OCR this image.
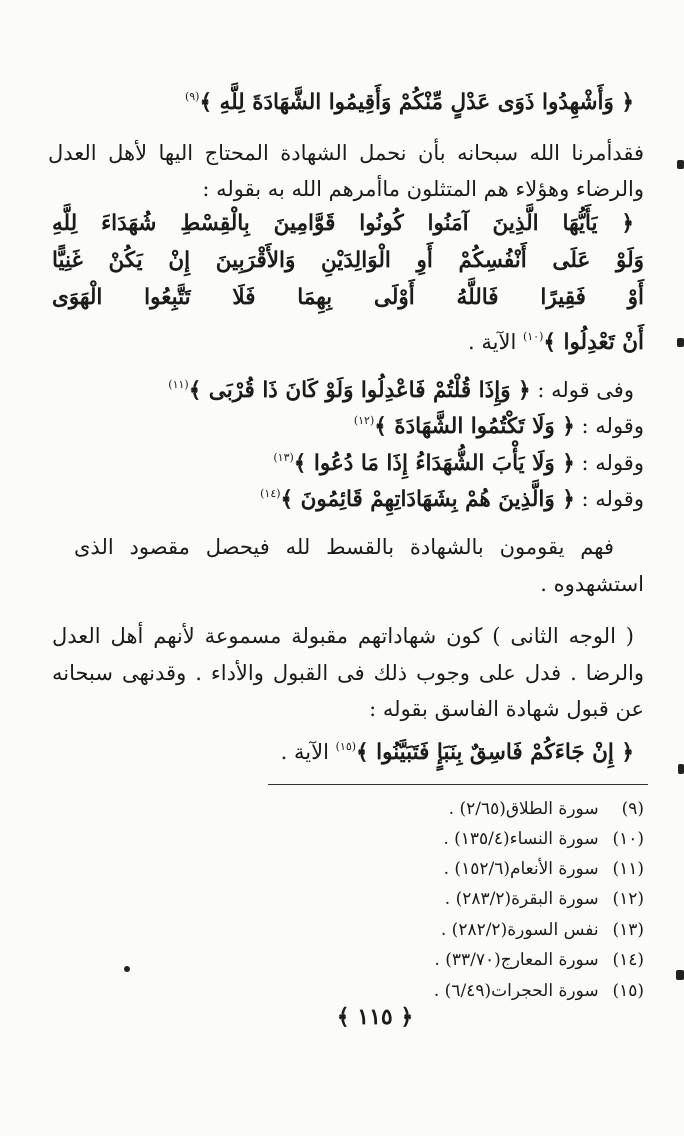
﴿ وَأَشْهِدُوا ذَوَى عَدْلٍ مِّنْكُمْ وَأَقِيمُوا الشَّهَادَةَ لِلَّهِ ﴾$^{(٩)}$
فقدأمرنا الله سبحانه بأن نحمل الشهادة المحتاج اليها لأهل العدل
والرضاء وهؤلاء هم المتثلون ماأمرهم الله به بقوله :
﴿ يَأَيُّهَا الَّذِينَ آمَنُوا كُونُوا قَوَّامِينَ بِالْقِسْطِ شُهَدَاءَ لِلَّهِ
وَلَوْ عَلَى أَنْفُسِكُمْ أَوِ الْوَالِدَيْنِ وَالأَقْرَبِينَ إِنْ يَكُنْ غَنِيًّا
أَوْ فَقِيرًا فَاللَّهُ أَوْلَى بِهِمَا فَلَا تَتَّبِعُوا الْهَوَى
أَنْ تَعْدِلُوا ﴾$^{(١٠)}$ الآية .
وفى قوله : ﴿ وَإِذَا قُلْتُمْ فَاعْدِلُوا وَلَوْ كَانَ ذَا قُرْبَى ﴾$^{(١١)}$
وقوله : ﴿ وَلَا تَكْتُمُوا الشَّهَادَةَ ﴾$^{(١٢)}$
وقوله : ﴿ وَلَا يَأْبَ الشُّهَدَاءُ إِذَا مَا دُعُوا ﴾$^{(١٣)}$
وقوله : ﴿ وَالَّذِينَ هُمْ بِشَهَادَاتِهِمْ قَائِمُونَ ﴾$^{(١٤)}$
فهم يقومون بالشهادة بالقسط لله فيحصل مقصود الذى
استشهدوه .
( الوجه الثانى ) كون شهاداتهم مقبولة مسموعة لأنهم أهل العدل
والرضا . فدل على وجوب ذلك فى القبول والأداء . وقدنهى سبحانه
عن قبول شهادة الفاسق بقوله :
﴿ إِنْ جَاءَكُمْ فَاسِقٌ بِنَبَإٍ فَتَبَيَّنُوا ﴾$^{(١٥)}$ الآية .
(٩) سورة الطلاق(٢/٦٥) .
(١٠) سورة النساء(١٣٥/٤) .
(١١) سورة الأنعام(١٥٢/٦) .
(١٢) سورة البقرة(٢٨٣/٢) .
(١٣) نفس السورة(٢٨٢/٢) .
(١٤) سورة المعارج(٣٣/٧٠) .
(١٥) سورة الحجرات(٦/٤٩) .
﴿ ١١٥ ﴾
